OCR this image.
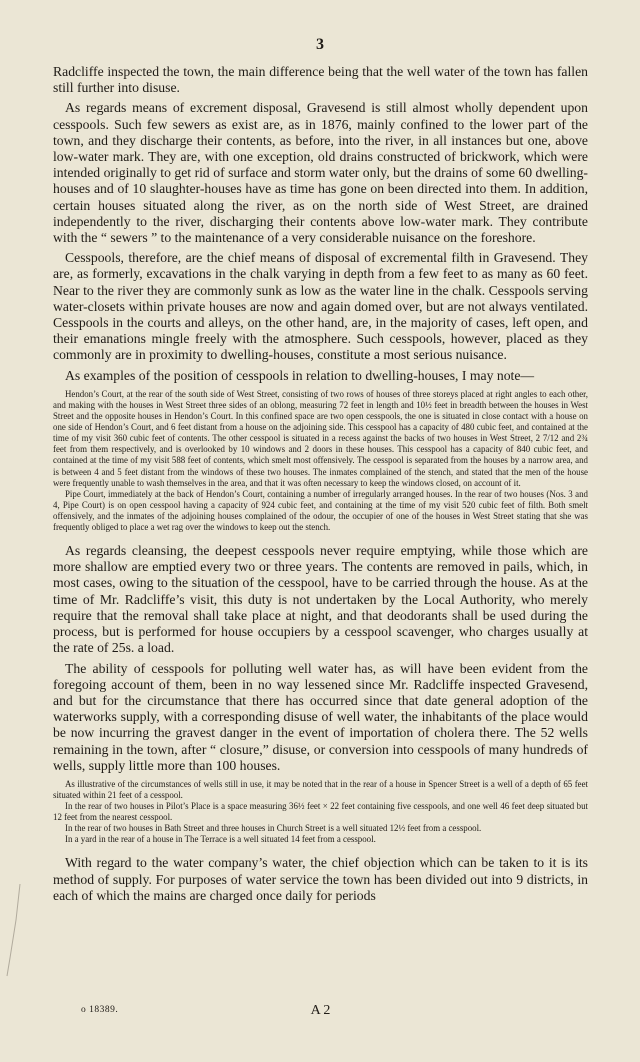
3

Radcliffe inspected the town, the main difference being that the well water of the town has fallen still further into disuse.

As regards means of excrement disposal, Gravesend is still almost wholly dependent upon cesspools. Such few sewers as exist are, as in 1876, mainly confined to the lower part of the town, and they discharge their contents, as before, into the river, in all instances but one, above low-water mark. They are, with one exception, old drains constructed of brickwork, which were intended originally to get rid of surface and storm water only, but the drains of some 60 dwelling-houses and of 10 slaughter-houses have as time has gone on been directed into them. In addition, certain houses situated along the river, as on the north side of West Street, are drained independently to the river, discharging their contents above low-water mark. They contribute with the “ sewers ” to the maintenance of a very considerable nuisance on the foreshore.

Cesspools, therefore, are the chief means of disposal of excremental filth in Gravesend. They are, as formerly, excavations in the chalk varying in depth from a few feet to as many as 60 feet. Near to the river they are commonly sunk as low as the water line in the chalk. Cesspools serving water-closets within private houses are now and again domed over, but are not always ventilated. Cesspools in the courts and alleys, on the other hand, are, in the majority of cases, left open, and their emanations mingle freely with the atmosphere. Such cesspools, however, placed as they commonly are in proximity to dwelling-houses, constitute a most serious nuisance.

As examples of the position of cesspools in relation to dwelling-houses, I may note—

Hendon’s Court, at the rear of the south side of West Street, consisting of two rows of houses of three storeys placed at right angles to each other, and making with the houses in West Street three sides of an oblong, measuring 72 feet in length and 10½ feet in breadth between the houses in West Street and the opposite houses in Hendon’s Court. In this confined space are two open cesspools, the one is situated in close contact with a house on one side of Hendon’s Court, and 6 feet distant from a house on the adjoining side. This cesspool has a capacity of 480 cubic feet, and contained at the time of my visit 360 cubic feet of contents. The other cesspool is situated in a recess against the backs of two houses in West Street, 2 7/12 and 2¾ feet from them respectively, and is overlooked by 10 windows and 2 doors in these houses. This cesspool has a capacity of 840 cubic feet, and contained at the time of my visit 588 feet of contents, which smelt most offensively. The cesspool is separated from the houses by a narrow area, and is between 4 and 5 feet distant from the windows of these two houses. The inmates complained of the stench, and stated that the men of the house were frequently unable to wash themselves in the area, and that it was often necessary to keep the windows closed, on account of it.

Pipe Court, immediately at the back of Hendon’s Court, containing a number of irregularly arranged houses. In the rear of two houses (Nos. 3 and 4, Pipe Court) is on open cesspool having a capacity of 924 cubic feet, and containing at the time of my visit 520 cubic feet of filth. Both smelt offensively, and the inmates of the adjoining houses complained of the odour, the occupier of one of the houses in West Street stating that she was frequently obliged to place a wet rag over the windows to keep out the stench.

As regards cleansing, the deepest cesspools never require emptying, while those which are more shallow are emptied every two or three years. The contents are removed in pails, which, in most cases, owing to the situation of the cesspool, have to be carried through the house. As at the time of Mr. Radcliffe’s visit, this duty is not undertaken by the Local Authority, who merely require that the removal shall take place at night, and that deodorants shall be used during the process, but is performed for house occupiers by a cesspool scavenger, who charges usually at the rate of 25s. a load.

The ability of cesspools for polluting well water has, as will have been evident from the foregoing account of them, been in no way lessened since Mr. Radcliffe inspected Gravesend, and but for the circumstance that there has occurred since that date general adoption of the waterworks supply, with a corresponding disuse of well water, the inhabitants of the place would be now incurring the gravest danger in the event of importation of cholera there. The 52 wells remaining in the town, after “ closure,” disuse, or conversion into cesspools of many hundreds of wells, supply little more than 100 houses.

As illustrative of the circumstances of wells still in use, it may be noted that in the rear of a house in Spencer Street is a well of a depth of 65 feet situated within 21 feet of a cesspool.

In the rear of two houses in Pilot’s Place is a space measuring 36½ feet × 22 feet containing five cesspools, and one well 46 feet deep situated but 12 feet from the nearest cesspool.

In the rear of two houses in Bath Street and three houses in Church Street is a well situated 12½ feet from a cesspool.

In a yard in the rear of a house in The Terrace is a well situated 14 feet from a cesspool.

With regard to the water company’s water, the chief objection which can be taken to it is its method of supply. For purposes of water service the town has been divided out into 9 districts, in each of which the mains are charged once daily for periods

o 18389.	A 2
